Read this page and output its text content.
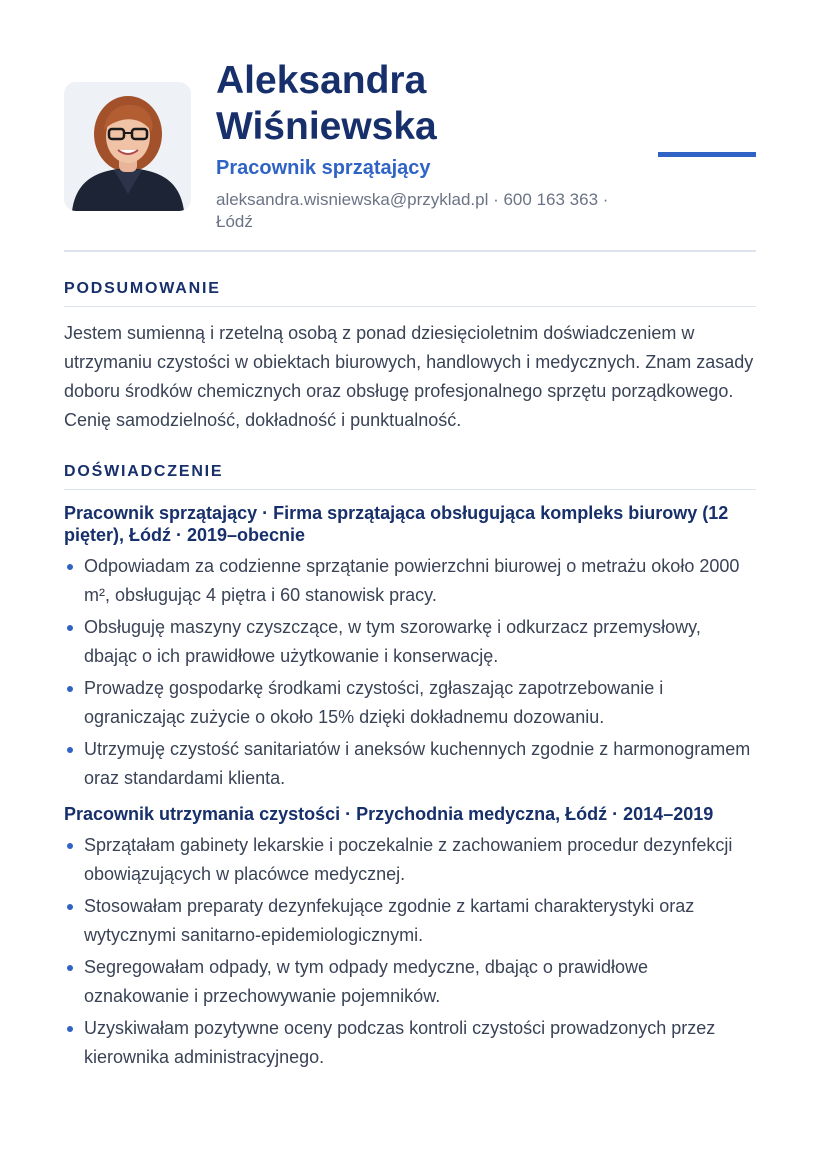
Aleksandra Wiśniewska
Pracownik sprzątający
aleksandra.wisniewska@przyklad.pl · 600 163 363 · Łódź
PODSUMOWANIE

Jestem sumienną i rzetelną osobą z ponad dziesięcioletnim doświadczeniem w utrzymaniu czystości w obiektach biurowych, handlowych i medycznych. Znam zasady doboru środków chemicznych oraz obsługę profesjonalnego sprzętu porządkowego. Cenię samodzielność, dokładność i punktualność.

DOŚWIADCZENIE
Pracownik sprzątający · Firma sprzątająca obsługująca kompleks biurowy (12 pięter), Łódź · 2019–obecnie
Odpowiadam za codzienne sprzątanie powierzchni biurowej o metrażu około 2000 m², obsługując 4 piętra i 60 stanowisk pracy.
Obsługuję maszyny czyszczące, w tym szorowarkę i odkurzacz przemysłowy, dbając o ich prawidłowe użytkowanie i konserwację.
Prowadzę gospodarkę środkami czystości, zgłaszając zapotrzebowanie i ograniczając zużycie o około 15% dzięki dokładnemu dozowaniu.
Utrzymuję czystość sanitariatów i aneksów kuchennych zgodnie z harmonogramem oraz standardami klienta.
Pracownik utrzymania czystości · Przychodnia medyczna, Łódź · 2014–2019
Sprzątałam gabinety lekarskie i poczekalnie z zachowaniem procedur dezynfekcji obowiązujących w placówce medycznej.
Stosowałam preparaty dezynfekujące zgodnie z kartami charakterystyki oraz wytycznymi sanitarno-epidemiologicznymi.
Segregowałam odpady, w tym odpady medyczne, dbając o prawidłowe oznakowanie i przechowywanie pojemników.
Uzyskiwałam pozytywne oceny podczas kontroli czystości prowadzonych przez kierownika administracyjnego.
